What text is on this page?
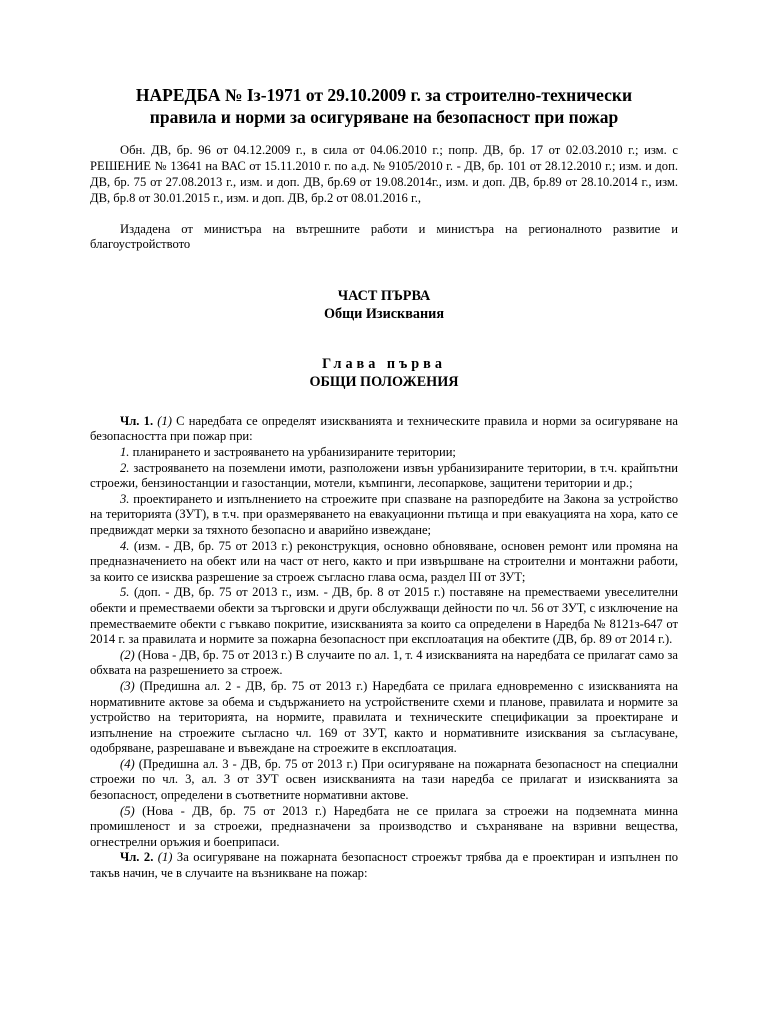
НАРЕДБА № Із-1971 от 29.10.2009 г. за строително-технически
правила и норми за осигуряване на безопасност при пожар

Обн. ДВ, бр. 96 от 04.12.2009 г., в сила от 04.06.2010 г.; попр. ДВ, бр. 17 от 02.03.2010 г.; изм. с РЕШЕНИЕ № 13641 на ВАС от 15.11.2010 г. по а.д. № 9105/2010 г. - ДВ, бр. 101 от 28.12.2010 г.; изм. и доп. ДВ, бр. 75 от 27.08.2013 г., изм. и доп. ДВ, бр.69 от 19.08.2014г., изм. и доп. ДВ, бр.89 от 28.10.2014 г., изм. ДВ, бр.8 от 30.01.2015 г., изм. и доп. ДВ, бр.2 от 08.01.2016 г.,

Издадена от министъра на вътрешните работи и министъра на регионалното развитие и благоустройството

ЧАСТ ПЪРВА
Общи Изисквания
Глава първа
ОБЩИ ПОЛОЖЕНИЯ

Чл. 1. (1) С наредбата се определят изискванията и техническите правила и норми за осигуряване на безопасността при пожар при:

1. планирането и застрояването на урбанизираните територии;

2. застрояването на поземлени имоти, разположени извън урбанизираните територии, в т.ч. крайпътни строежи, бензиностанции и газостанции, мотели, къмпинги, лесопаркове, защитени територии и др.;

3. проектирането и изпълнението на строежите при спазване на разпоредбите на Закона за устройство на територията (ЗУТ), в т.ч. при оразмеряването на евакуационни пътища и при евакуацията на хора, като се предвиждат мерки за тяхното безопасно и аварийно извеждане;

4. (изм. - ДВ, бр. 75 от 2013 г.) реконструкция, основно обновяване, основен ремонт или промяна на предназначението на обект или на част от него, както и при извършване на строителни и монтажни работи, за които се изисква разрешение за строеж съгласно глава осма, раздел III от ЗУТ;

5. (доп. - ДВ, бр. 75 от 2013 г., изм. - ДВ, бр. 8 от 2015 г.) поставяне на преместваеми увеселителни обекти и преместваеми обекти за търговски и други обслужващи дейности по чл. 56 от ЗУТ, с изключение на преместваемите обекти с гъвкаво покритие, изискванията за които са определени в Наредба № 8121з-647 от 2014 г. за правилата и нормите за пожарна безопасност при експлоатация на обектите (ДВ, бр. 89 от 2014 г.).

(2) (Нова - ДВ, бр. 75 от 2013 г.) В случаите по ал. 1, т. 4 изискванията на наредбата се прилагат само за обхвата на разрешението за строеж.

(3) (Предишна ал. 2 - ДВ, бр. 75 от 2013 г.) Наредбата се прилага едновременно с изискванията на нормативните актове за обема и съдържанието на устройствените схеми и планове, правилата и нормите за устройство на територията, на нормите, правилата и техническите спецификации за проектиране и изпълнение на строежите съгласно чл. 169 от ЗУТ, както и нормативните изисквания за съгласуване, одобряване, разрешаване и въвеждане на строежите в експлоатация.

(4) (Предишна ал. 3 - ДВ, бр. 75 от 2013 г.) При осигуряване на пожарната безопасност на специални строежи по чл. 3, ал. 3 от ЗУТ освен изискванията на тази наредба се прилагат и изискванията за безопасност, определени в съответните нормативни актове.

(5) (Нова - ДВ, бр. 75 от 2013 г.) Наредбата не се прилага за строежи на подземната минна промишленост и за строежи, предназначени за производство и съхраняване на взривни вещества, огнестрелни оръжия и боеприпаси.

Чл. 2. (1) За осигуряване на пожарната безопасност строежът трябва да е проектиран и изпълнен по такъв начин, че в случаите на възникване на пожар:
